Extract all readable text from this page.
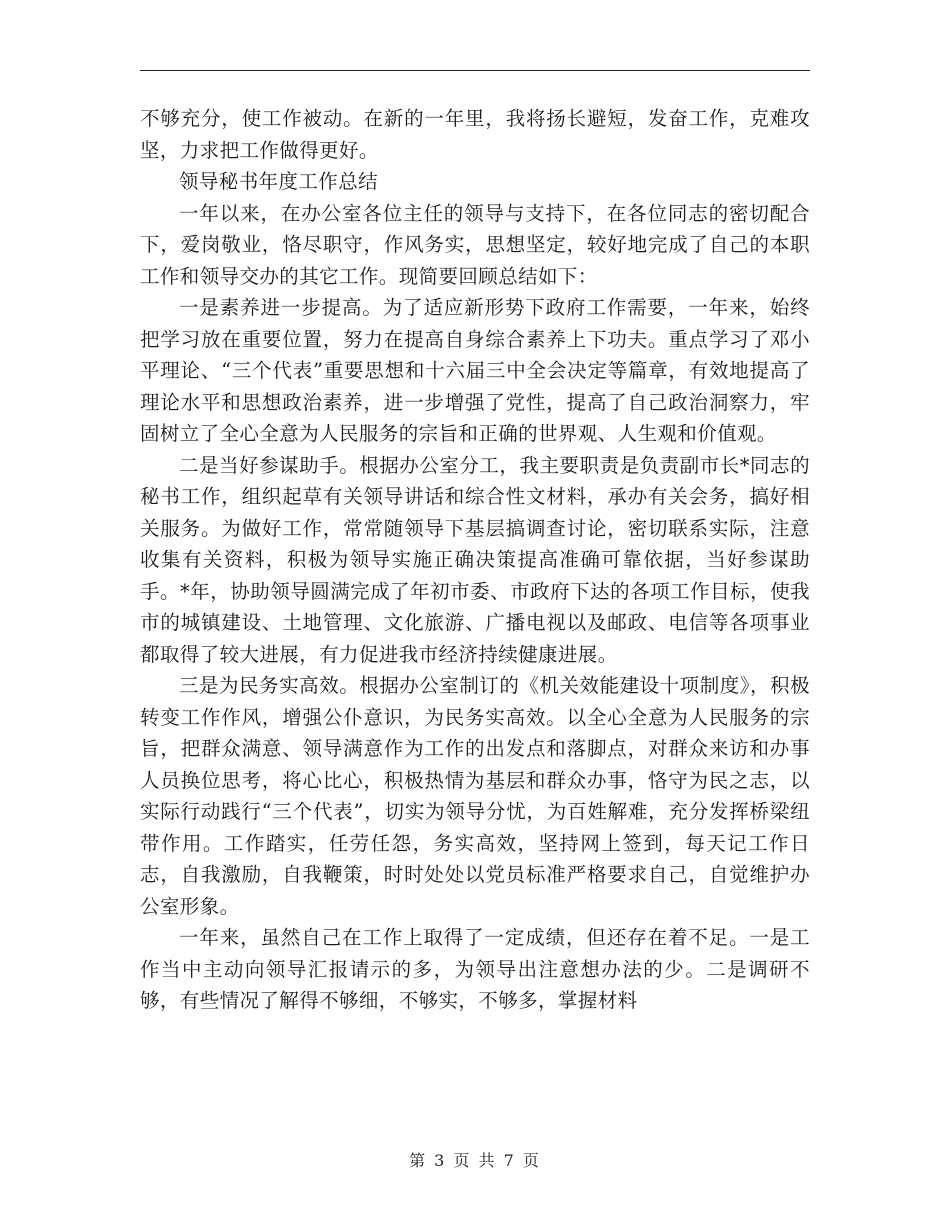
不够充分，使工作被动。在新的一年里，我将扬长避短，发奋工作，克难攻坚，力求把工作做得更好。

领导秘书年度工作总结

一年以来，在办公室各位主任的领导与支持下，在各位同志的密切配合下，爱岗敬业，恪尽职守，作风务实，思想坚定，较好地完成了自己的本职工作和领导交办的其它工作。现简要回顾总结如下：

一是素养进一步提高。为了适应新形势下政府工作需要，一年来，始终把学习放在重要位置，努力在提高自身综合素养上下功夫。重点学习了邓小平理论、“三个代表”重要思想和十六届三中全会决定等篇章，有效地提高了理论水平和思想政治素养，进一步增强了党性，提高了自己政治洞察力，牢固树立了全心全意为人民服务的宗旨和正确的世界观、人生观和价值观。

二是当好参谋助手。根据办公室分工，我主要职责是负责副市长*同志的秘书工作，组织起草有关领导讲话和综合性文材料，承办有关会务，搞好相关服务。为做好工作，常常随领导下基层搞调查讨论，密切联系实际，注意收集有关资料，积极为领导实施正确决策提高准确可靠依据，当好参谋助手。*年，协助领导圆满完成了年初市委、市政府下达的各项工作目标，使我市的城镇建设、土地管理、文化旅游、广播电视以及邮政、电信等各项事业都取得了较大进展，有力促进我市经济持续健康进展。

三是为民务实高效。根据办公室制订的《机关效能建设十项制度》，积极转变工作作风，增强公仆意识，为民务实高效。以全心全意为人民服务的宗旨，把群众满意、领导满意作为工作的出发点和落脚点，对群众来访和办事人员换位思考，将心比心，积极热情为基层和群众办事，恪守为民之志，以实际行动践行“三个代表”，切实为领导分忧，为百姓解难，充分发挥桥梁纽带作用。工作踏实，任劳任怨，务实高效，坚持网上签到，每天记工作日志，自我激励，自我鞭策，时时处处以党员标准严格要求自己，自觉维护办公室形象。

一年来，虽然自己在工作上取得了一定成绩，但还存在着不足。一是工作当中主动向领导汇报请示的多，为领导出注意想办法的少。二是调研不够，有些情况了解得不够细，不够实，不够多，掌握材料

第 3 页 共 7 页
